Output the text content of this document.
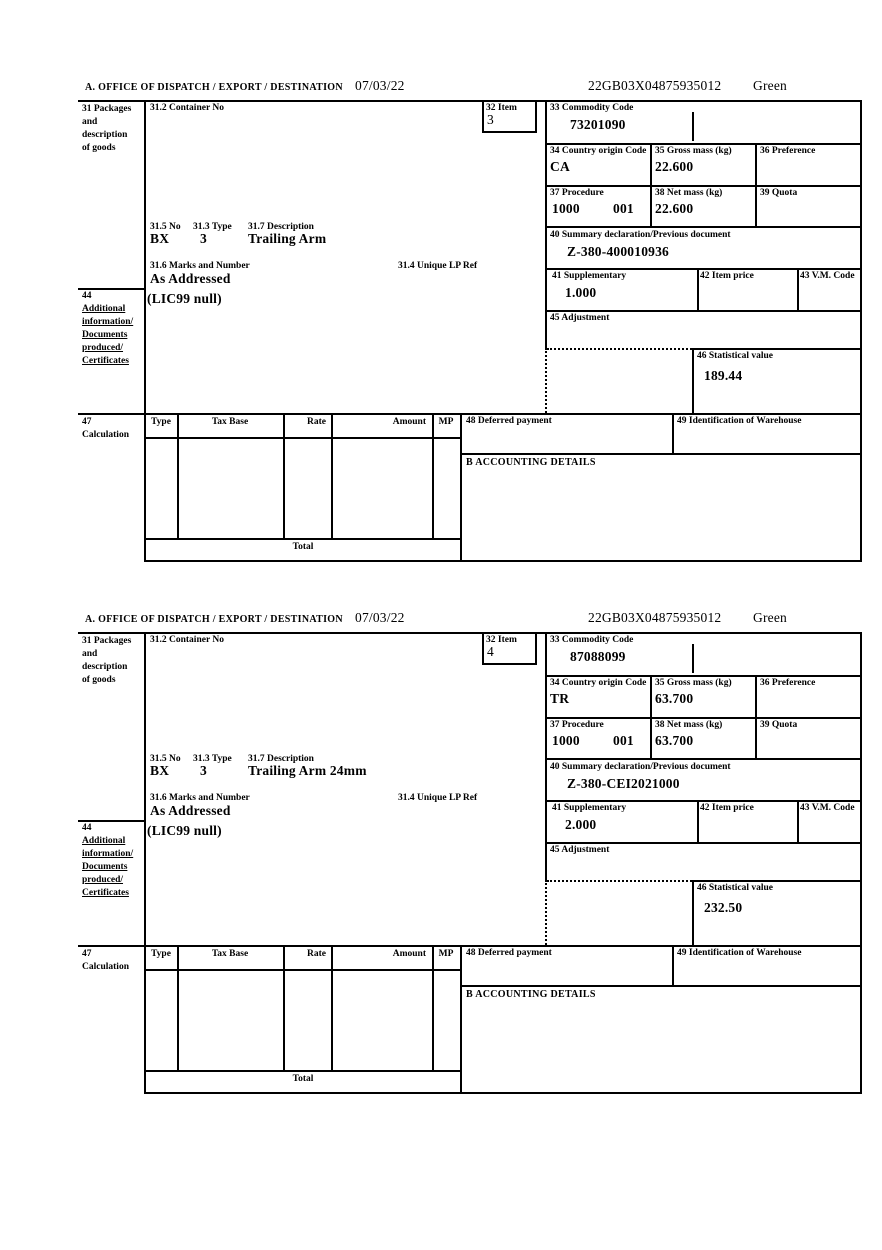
A. OFFICE OF DISPATCH / EXPORT / DESTINATION 07/03/22	22GB03X04875935012 Green
31 Packages
and
description
of goods
44
Additional
information/
Documents
produced/
Certificates
47
Calculation
31.2 Container No	32 Item
3
31.5 No 31.3 Type 31.7 Description
BX 3	Trailing Arm
31.6 Marks and Number	31.4 Unique LP Ref
As Addressed
(LIC99 null)
33 Commodity Code
73201090
34 Country origin Code
CA
35 Gross mass (kg)
22.600
36 Preference
37 Procedure
1000 001
38 Net mass (kg)
22.600
39 Quota
40 Summary declaration/Previous document
Z-380-400010936
41 Supplementary
1.000
42 Item price	43 V.M. Code
45 Adjustment
46 Statistical value
189.44
Type	Tax Base	Rate	Amount	MP
Total
48 Deferred payment	49 Identification of Warehouse
B ACCOUNTING DETAILS
A. OFFICE OF DISPATCH / EXPORT / DESTINATION 07/03/22	22GB03X04875935012 Green
31 Packages
and
description
of goods
44
Additional
information/
Documents
produced/
Certificates
47
Calculation
31.2 Container No	32 Item
4
31.5 No 31.3 Type 31.7 Description
BX 3	Trailing Arm 24mm
31.6 Marks and Number	31.4 Unique LP Ref
As Addressed
(LIC99 null)
33 Commodity Code
87088099
34 Country origin Code
TR
35 Gross mass (kg)
63.700
36 Preference
37 Procedure
1000 001
38 Net mass (kg)
63.700
39 Quota
40 Summary declaration/Previous document
Z-380-CEI2021000
41 Supplementary
2.000
42 Item price	43 V.M. Code
45 Adjustment
46 Statistical value
232.50
Type	Tax Base	Rate	Amount	MP
Total
48 Deferred payment	49 Identification of Warehouse
B ACCOUNTING DETAILS
